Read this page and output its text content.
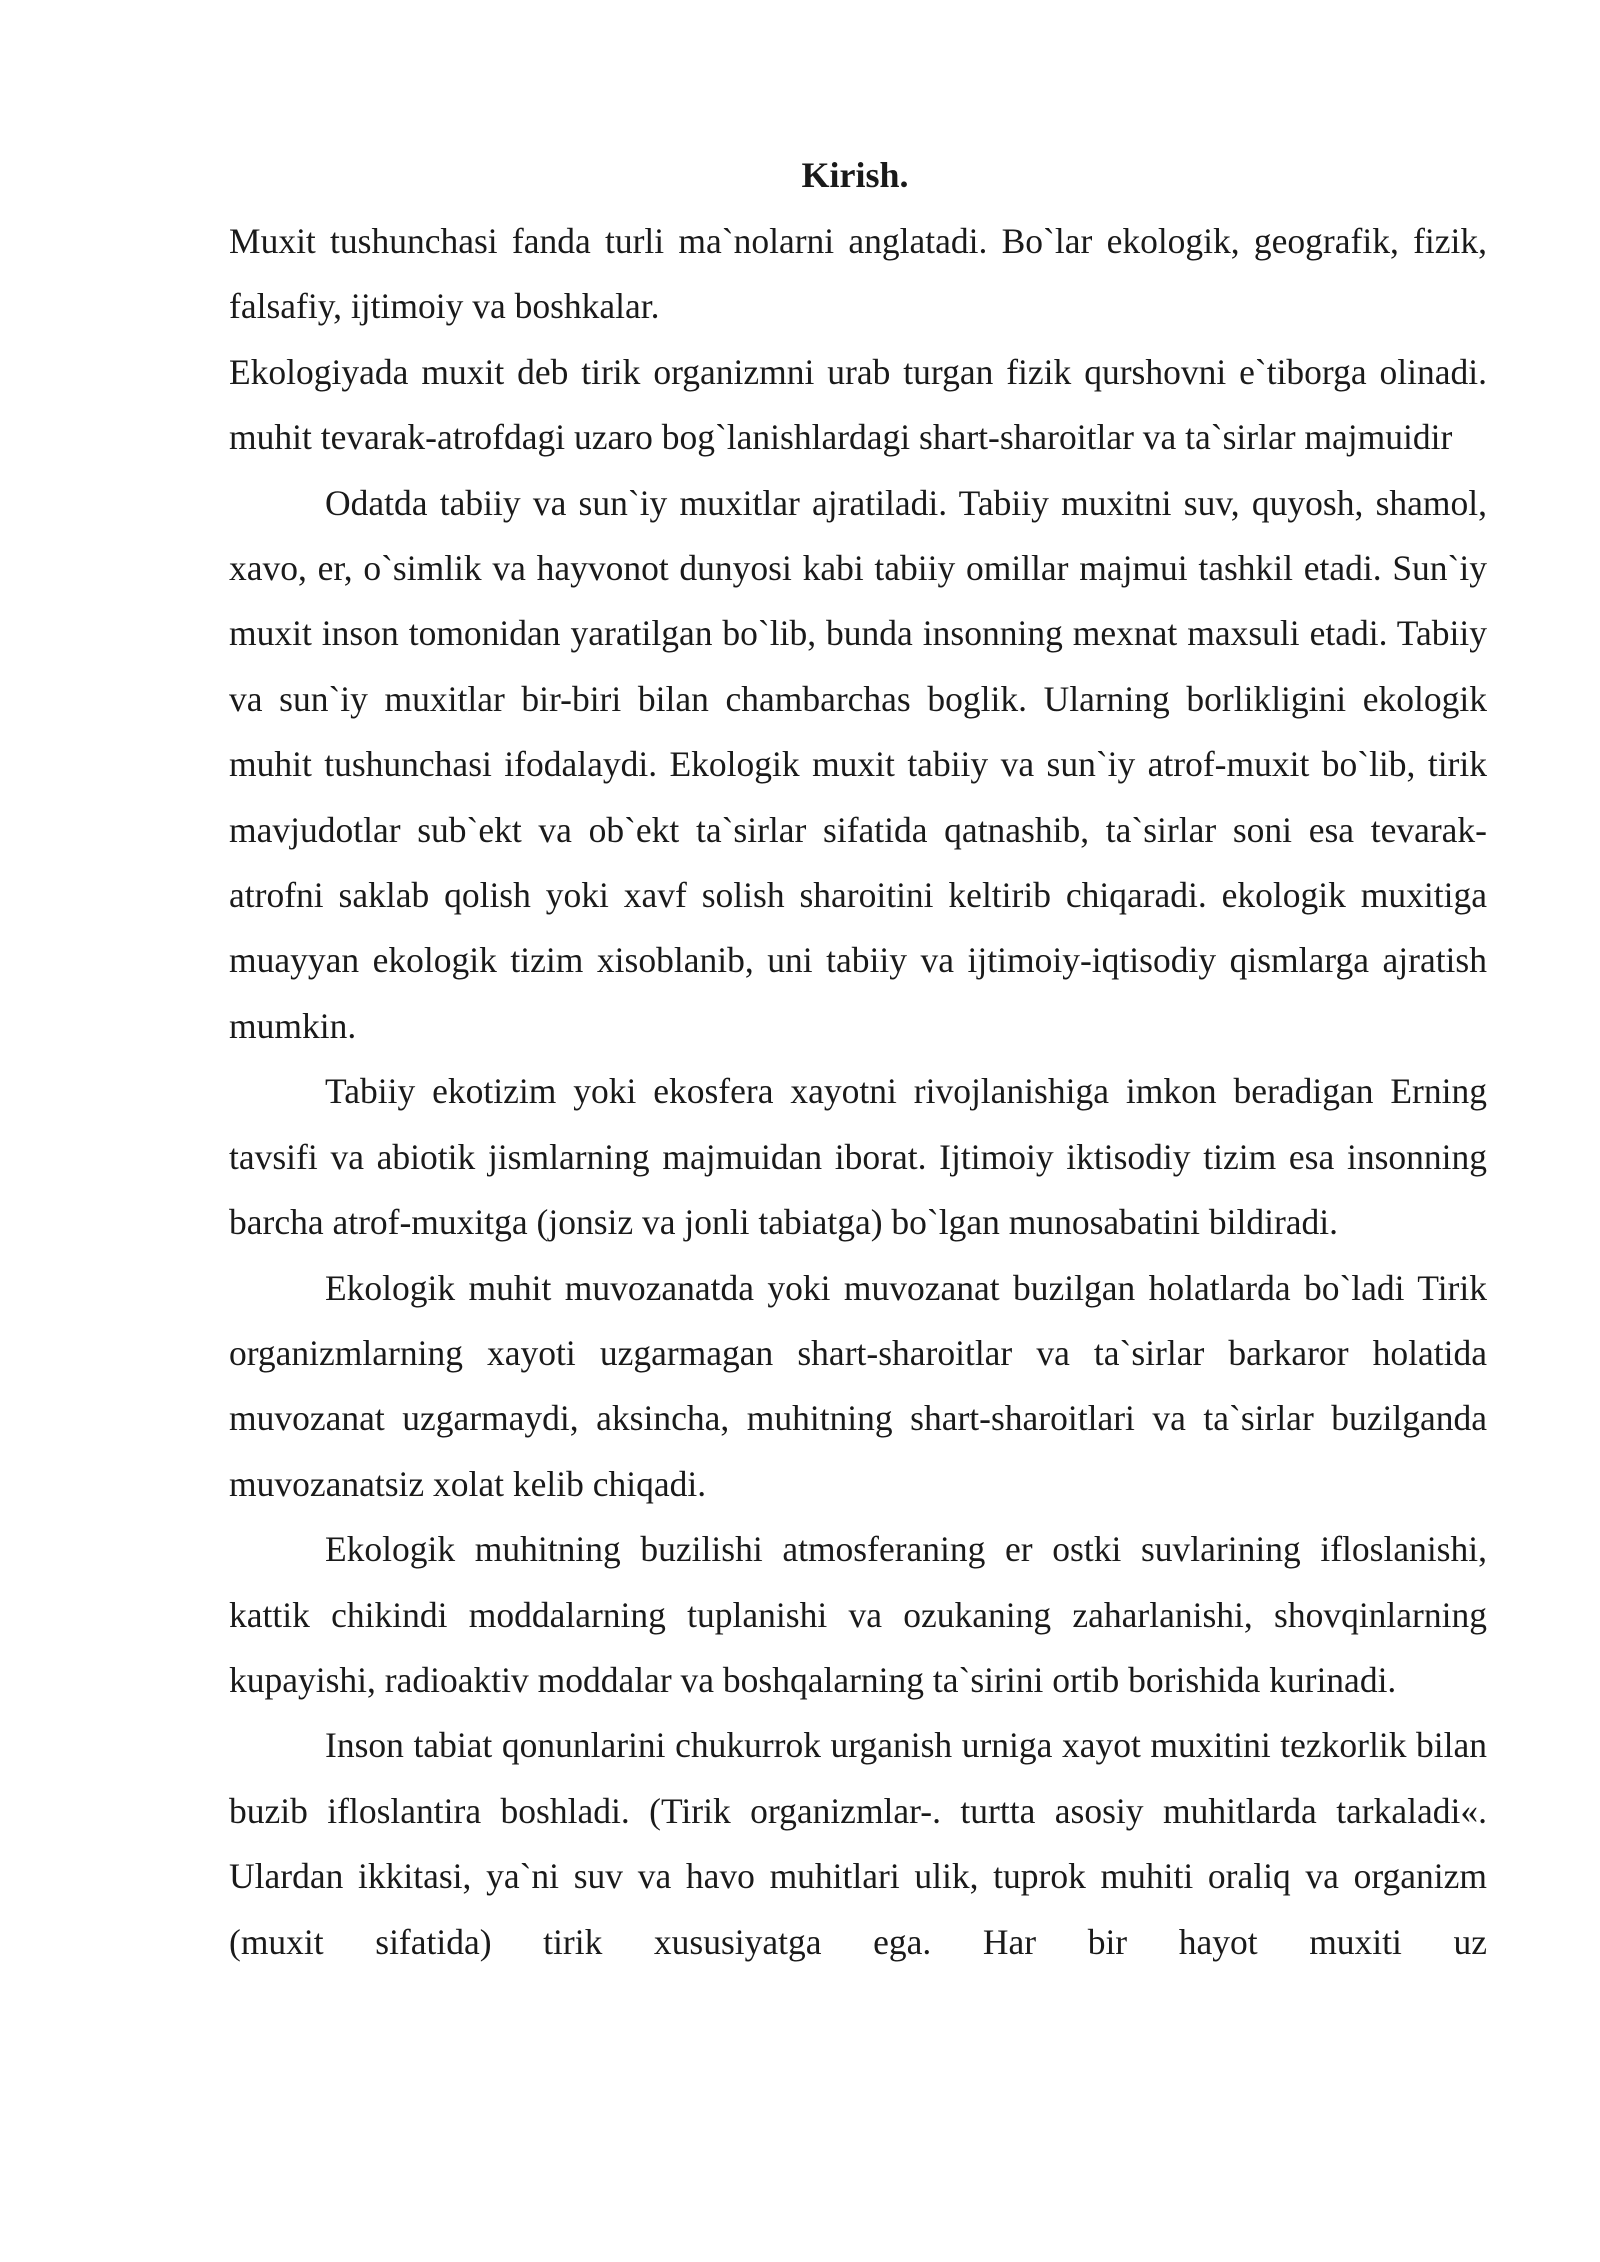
Kirish.

Muxit tushunchasi fanda turli ma`nolarni anglatadi. Bo`lar ekologik, geografik, fizik, falsafiy, ijtimoiy va boshkalar.

Ekologiyada muxit deb tirik organizmni urab turgan fizik qurshovni e`tiborga olinadi. muhit tevarak-atrofdagi uzaro bog`lanishlardagi shart-sharoitlar va ta`sirlar majmuidir

Odatda tabiiy va sun`iy muxitlar ajratiladi. Tabiiy muxitni suv, quyosh, shamol, xavo, er, o`simlik va hayvonot dunyosi kabi tabiiy omillar majmui tashkil etadi. Sun`iy muxit inson tomonidan yaratilgan bo`lib, bunda insonning mexnat maxsuli etadi. Tabiiy va sun`iy muxitlar bir-biri bilan chambarchas boglik. Ularning borlikligini ekologik muhit tushunchasi ifodalaydi. Ekologik muxit tabiiy va sun`iy atrof-muxit bo`lib, tirik mavjudotlar sub`ekt va ob`ekt ta`sirlar sifatida qatnashib, ta`sirlar soni esa tevarak-atrofni saklab qolish yoki xavf solish sharoitini keltirib chiqaradi. ekologik muxitiga muayyan ekologik tizim xisoblanib, uni tabiiy va ijtimoiy-iqtisodiy qismlarga ajratish mumkin.

Tabiiy ekotizim yoki ekosfera xayotni rivojlanishiga imkon beradigan Erning tavsifi va abiotik jismlarning majmuidan iborat. Ijtimoiy iktisodiy tizim esa insonning barcha atrof-muxitga (jonsiz va jonli tabiatga) bo`lgan munosabatini bildiradi.

Ekologik muhit muvozanatda yoki muvozanat buzilgan holatlarda bo`ladi Tirik organizmlarning xayoti uzgarmagan shart-sharoitlar va ta`sirlar barkaror holatida muvozanat uzgarmaydi, aksincha, muhitning shart-sharoitlari va ta`sirlar buzilganda muvozanatsiz xolat kelib chiqadi.

Ekologik muhitning buzilishi atmosferaning er ostki suvlarining ifloslanishi, kattik chikindi moddalarning tuplanishi va ozukaning zaharlanishi, shovqinlarning kupayishi, radioaktiv moddalar va boshqalarning ta`sirini ortib borishida kurinadi.

Inson tabiat qonunlarini chukurrok urganish urniga xayot muxitini tezkorlik bilan buzib ifloslantira boshladi. (Tirik organizmlar-. turtta asosiy muhitlarda tarkaladi«. Ulardan ikkitasi, ya`ni suv va havo muhitlari ulik, tuprok muhiti oraliq va organizm (muxit sifatida) tirik xususiyatga ega. Har bir hayot muxiti uz
